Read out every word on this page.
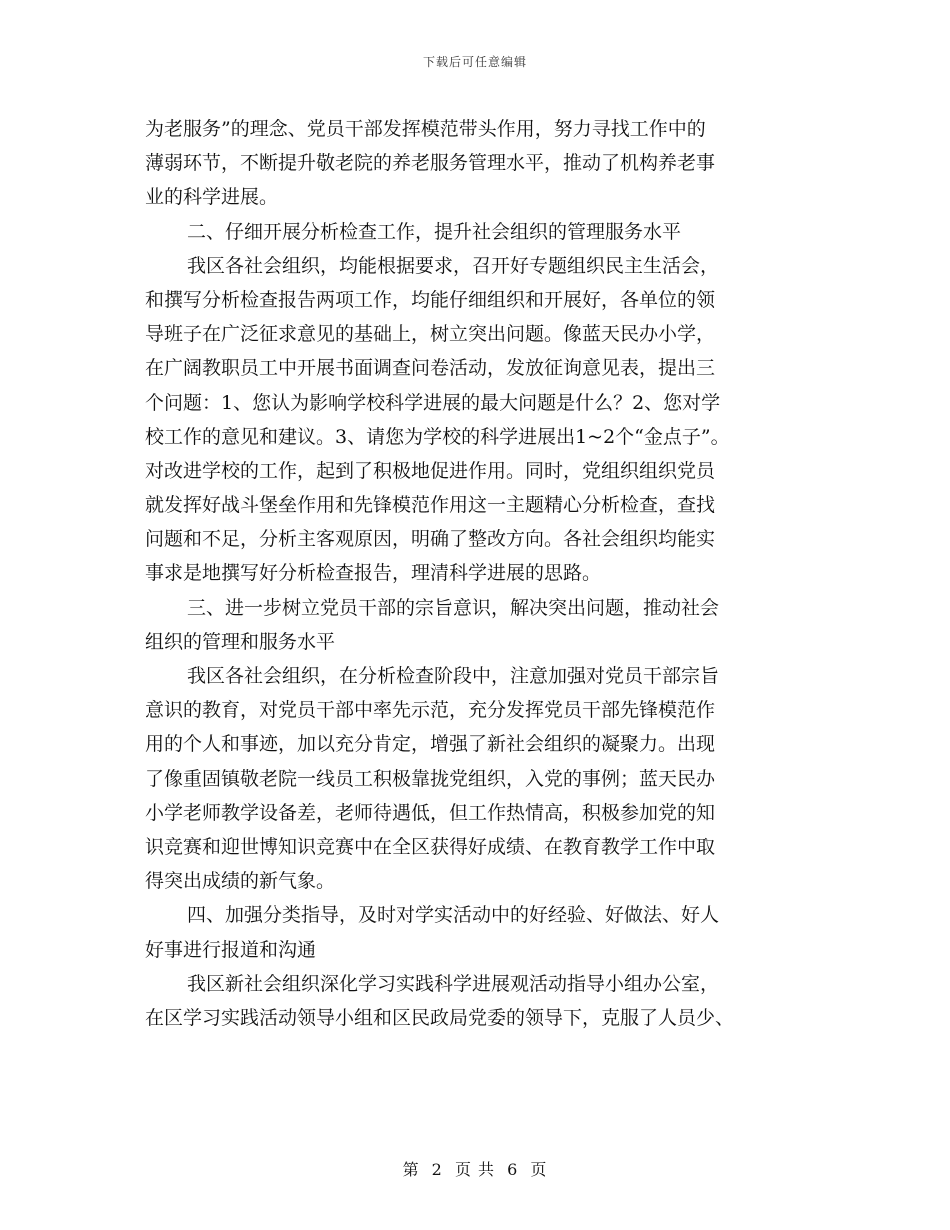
下载后可任意编辑
为老服务”的理念、党员干部发挥模范带头作用，努力寻找工作中的
薄弱环节，不断提升敬老院的养老服务管理水平，推动了机构养老事
业的科学进展。
二、仔细开展分析检查工作，提升社会组织的管理服务水平
我区各社会组织，均能根据要求，召开好专题组织民主生活会，
和撰写分析检查报告两项工作，均能仔细组织和开展好，各单位的领
导班子在广泛征求意见的基础上，树立突出问题。像蓝天民办小学，
在广阔教职员工中开展书面调查问卷活动，发放征询意见表，提出三
个问题：1、您认为影响学校科学进展的最大问题是什么？2、您对学
校工作的意见和建议。3、请您为学校的科学进展出1~2个“金点子”。
对改进学校的工作，起到了积极地促进作用。同时，党组织组织党员
就发挥好战斗堡垒作用和先锋模范作用这一主题精心分析检查，查找
问题和不足，分析主客观原因，明确了整改方向。各社会组织均能实
事求是地撰写好分析检查报告，理清科学进展的思路。
三、进一步树立党员干部的宗旨意识，解决突出问题，推动社会
组织的管理和服务水平
我区各社会组织，在分析检查阶段中，注意加强对党员干部宗旨
意识的教育，对党员干部中率先示范，充分发挥党员干部先锋模范作
用的个人和事迹，加以充分肯定，增强了新社会组织的凝聚力。出现
了像重固镇敬老院一线员工积极靠拢党组织，入党的事例；蓝天民办
小学老师教学设备差，老师待遇低，但工作热情高，积极参加党的知
识竞赛和迎世博知识竞赛中在全区获得好成绩、在教育教学工作中取
得突出成绩的新气象。
四、加强分类指导，及时对学实活动中的好经验、好做法、好人
好事进行报道和沟通
我区新社会组织深化学习实践科学进展观活动指导小组办公室，
在区学习实践活动领导小组和区民政局党委的领导下，克服了人员少、
第 2 页 共 6 页
